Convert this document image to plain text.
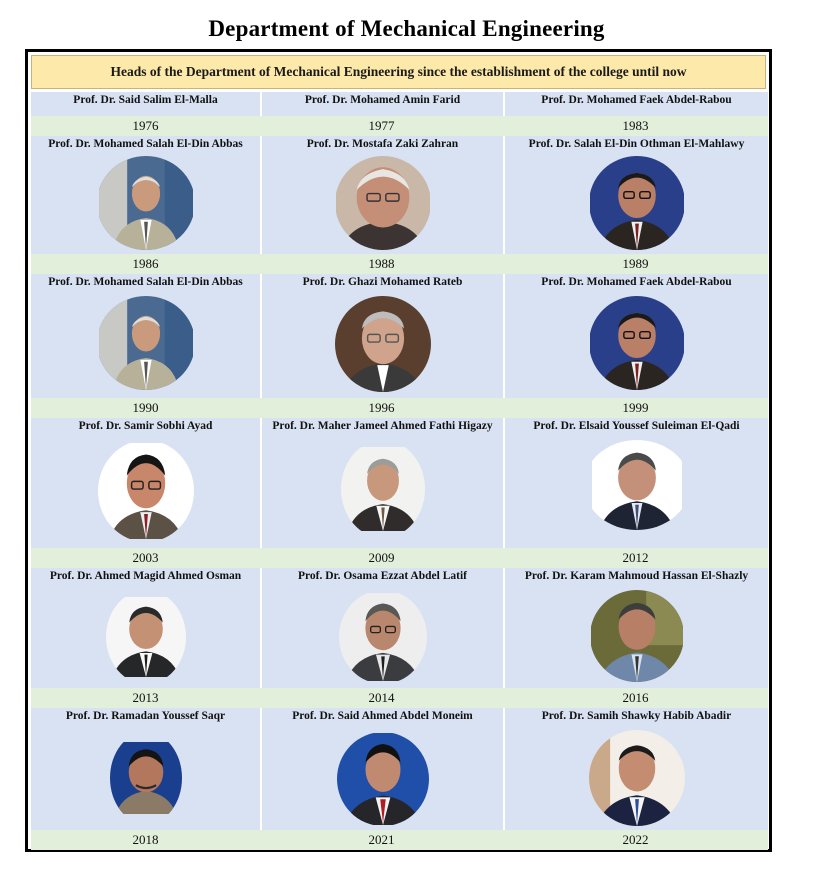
Department of Mechanical Engineering
Heads of the Department of Mechanical Engineering since the establishment of the college until now
Prof. Dr. Said Salim El-Malla	Prof. Dr. Mohamed Amin Farid	Prof. Dr. Mohamed Faek Abdel-Rabou
1976	1977	1983
Prof. Dr. Mohamed Salah El-Din Abbas	Prof. Dr. Mostafa Zaki Zahran	Prof. Dr. Salah El-Din Othman El-Mahlawy
1986	1988	1989
Prof. Dr. Mohamed Salah El-Din Abbas	Prof. Dr. Ghazi Mohamed Rateb	Prof. Dr. Mohamed Faek Abdel-Rabou
1990	1996	1999
Prof. Dr. Samir Sobhi Ayad	Prof. Dr. Maher Jameel Ahmed Fathi Higazy	Prof. Dr. Elsaid Youssef Suleiman El-Qadi
2003	2009	2012
Prof. Dr. Ahmed Magid Ahmed Osman	Prof. Dr. Osama Ezzat Abdel Latif	Prof. Dr. Karam Mahmoud Hassan El-Shazly
2013	2014	2016
Prof. Dr. Ramadan Youssef Saqr	Prof. Dr. Said Ahmed Abdel Moneim	Prof. Dr. Samih Shawky Habib Abadir
2018	2021	2022
